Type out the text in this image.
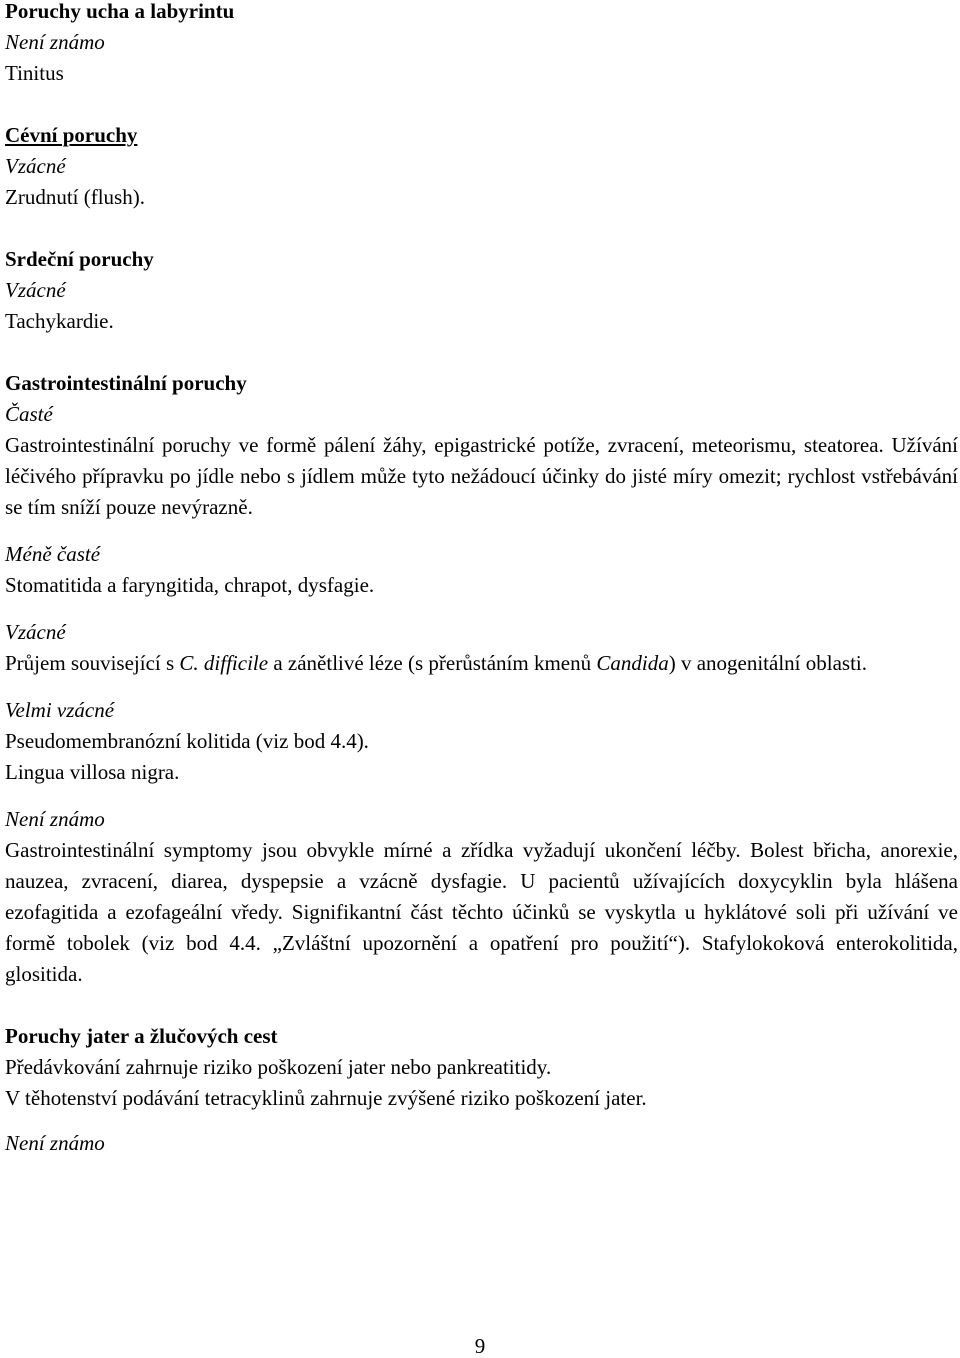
Poruchy ucha a labyrintu

Není známo

Tinitus

Cévní poruchy

Vzácné

Zrudnutí (flush).

Srdeční poruchy

Vzácné

Tachykardie.

Gastrointestinální poruchy

Časté

Gastrointestinální poruchy ve formě pálení žáhy, epigastrické potíže, zvracení, meteorismu, steatorea. Užívání léčivého přípravku po jídle nebo s jídlem může tyto nežádoucí účinky do jisté míry omezit; rychlost vstřebávání se tím sníží pouze nevýrazně.

Méně časté

Stomatitida a faryngitida, chrapot, dysfagie.

Vzácné

Průjem související s C. difficile a zánětlivé léze (s přerůstáním kmenů Candida) v anogenitální oblasti.

Velmi vzácné

Pseudomembranózní kolitida (viz bod 4.4).

Lingua villosa nigra.

Není známo

Gastrointestinální symptomy jsou obvykle mírné a zřídka vyžadují ukončení léčby. Bolest břicha, anorexie, nauzea, zvracení, diarea, dyspepsie a vzácně dysfagie. U pacientů užívajících doxycyklin byla hlášena ezofagitida a ezofageální vředy. Signifikantní část těchto účinků se vyskytla u hyklátové soli při užívání ve formě tobolek (viz bod 4.4. „Zvláštní upozornění a opatření pro použití“). Stafylokoková enterokolitida, glositida.

Poruchy jater a žlučových cest

Předávkování zahrnuje riziko poškození jater nebo pankreatitidy.

V těhotenství podávání tetracyklinů zahrnuje zvýšené riziko poškození jater.

Není známo

9
